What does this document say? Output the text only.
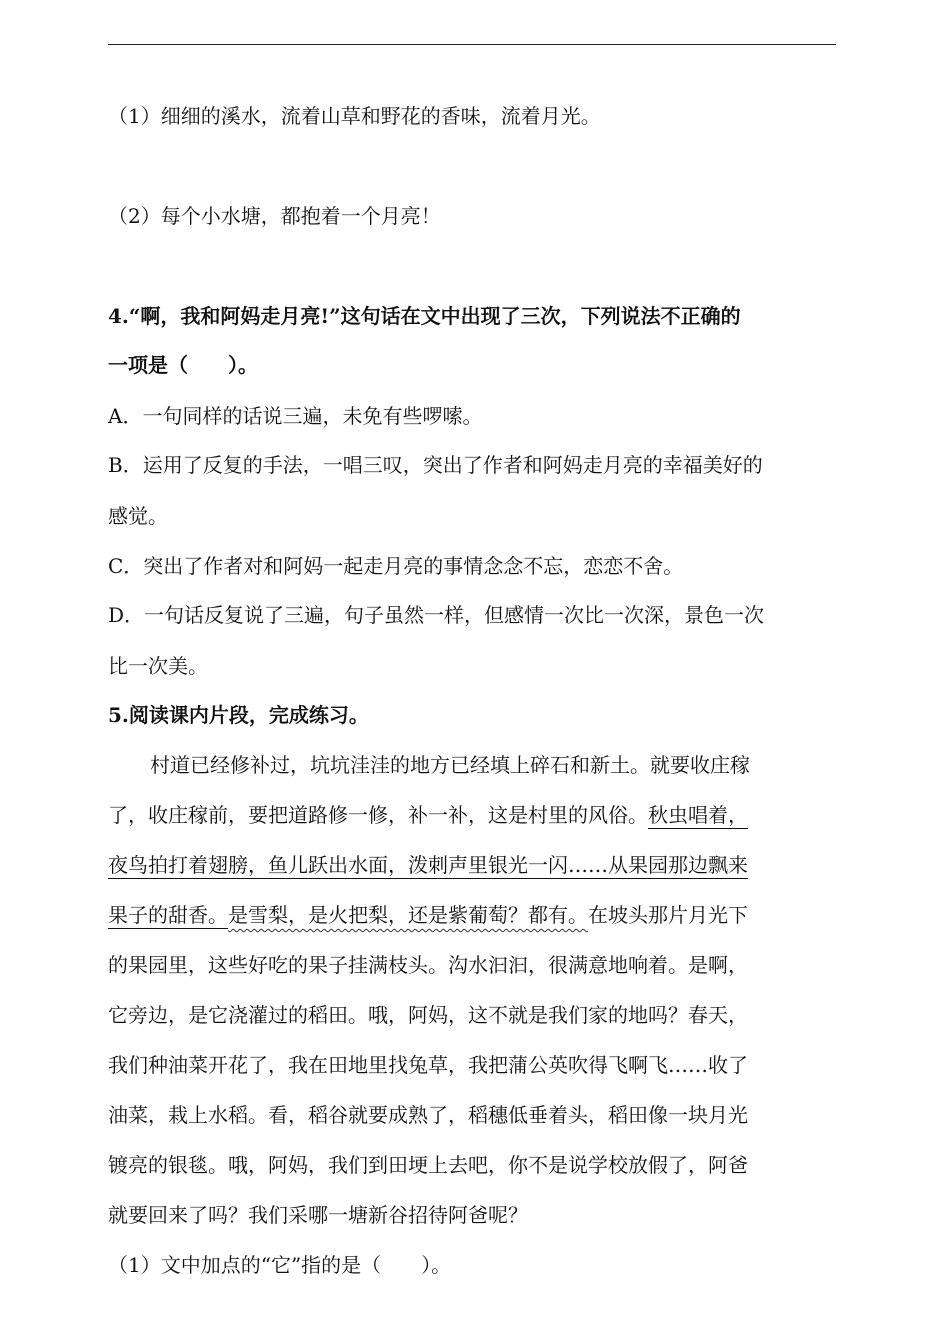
（1）细细的溪水，流着山草和野花的香味，流着月光。
（2）每个小水塘，都抱着一个月亮！
4.“啊，我和阿妈走月亮!”这句话在文中出现了三次，下列说法不正确的
一项是（　　）。
A．一句同样的话说三遍，未免有些啰嗦。
B．运用了反复的手法，一唱三叹，突出了作者和阿妈走月亮的幸福美好的
感觉。
C．突出了作者对和阿妈一起走月亮的事情念念不忘，恋恋不舍。
D．一句话反复说了三遍，句子虽然一样，但感情一次比一次深，景色一次
比一次美。
5.阅读课内片段，完成练习。
村道已经修补过，坑坑洼洼的地方已经填上碎石和新土。就要收庄稼
了，收庄稼前，要把道路修一修，补一补，这是村里的风俗。秋虫唱着，
夜鸟拍打着翅膀，鱼儿跃出水面，泼刺声里银光一闪……从果园那边飘来
果子的甜香。是雪梨，是火把梨，还是紫葡萄？都有。在坡头那片月光下
的果园里，这些好吃的果子挂满枝头。沟水汩汩，很满意地响着。是啊，
它旁边，是它浇灌过的稻田。哦，阿妈，这不就是我们家的地吗？春天，
我们种油菜开花了，我在田地里找兔草，我把蒲公英吹得飞啊飞……收了
油菜，栽上水稻。看，稻谷就要成熟了，稻穗低垂着头，稻田像一块月光
镀亮的银毯。哦，阿妈，我们到田埂上去吧，你不是说学校放假了，阿爸
就要回来了吗？我们采哪一塘新谷招待阿爸呢？
（1）文中加点的“它”指的是（　　）。
